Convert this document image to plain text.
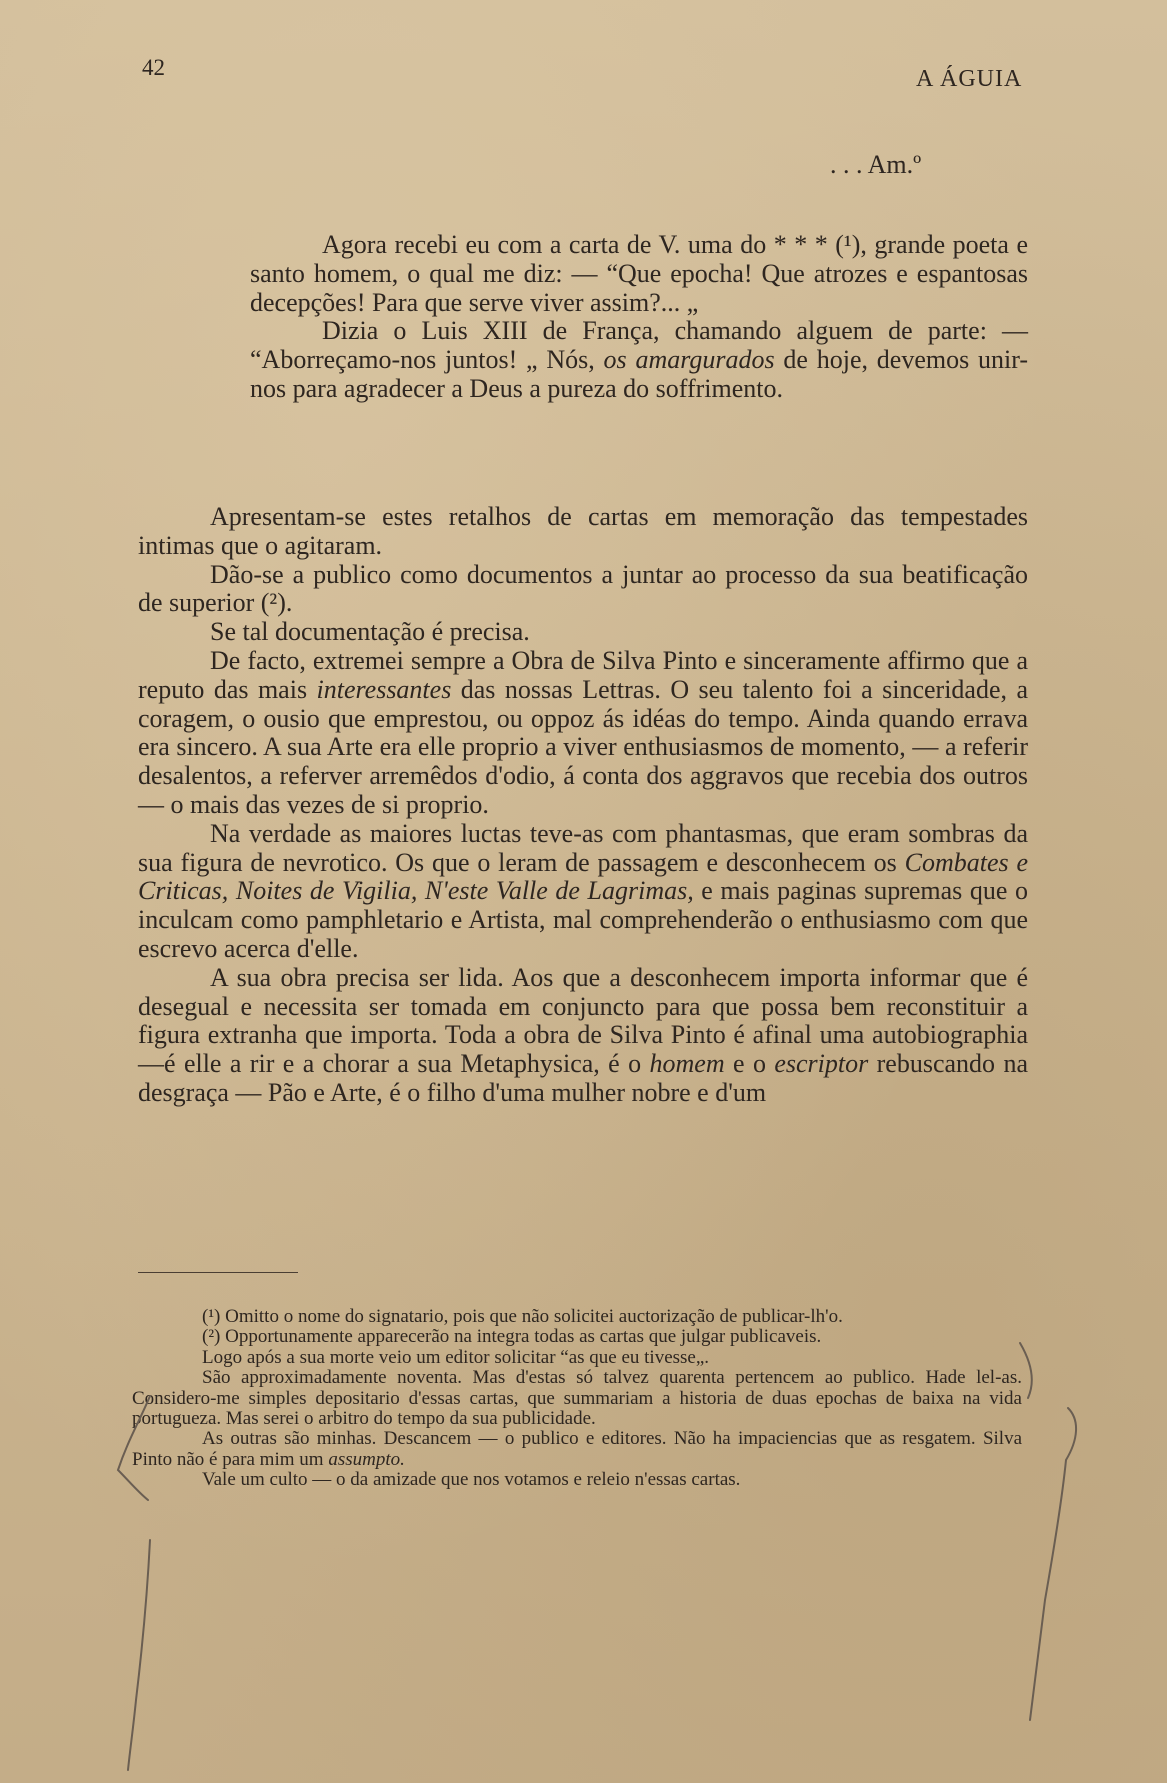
42	A ÁGUIA
. . . Am.º

Agora recebi eu com a carta de V. uma do * * * (¹), grande poeta e santo homem, o qual me diz: — “Que epocha! Que atrozes e espantosas decepções! Para que serve viver assim?... „

Dizia o Luis XIII de França, chamando alguem de parte: — “Aborreçamo-nos juntos! „ Nós, os amargurados de hoje, devemos unir-nos para agradecer a Deus a pureza do soffrimento.

Apresentam-se estes retalhos de cartas em memoração das tempestades intimas que o agitaram.

Dão-se a publico como documentos a juntar ao processo da sua beatificação de superior (²).

Se tal documentação é precisa.

De facto, extremei sempre a Obra de Silva Pinto e sinceramente affirmo que a reputo das mais interessantes das nossas Lettras. O seu talento foi a sinceridade, a coragem, o ousio que emprestou, ou oppoz ás idéas do tempo. Ainda quando errava era sincero. A sua Arte era elle proprio a viver enthusiasmos de momento, — a referir desalentos, a referver arremêdos d'odio, á conta dos aggravos que recebia dos outros — o mais das vezes de si proprio.

Na verdade as maiores luctas teve-as com phantasmas, que eram sombras da sua figura de nevrotico. Os que o leram de passagem e desconhecem os Combates e Criticas, Noites de Vigilia, N'este Valle de Lagrimas, e mais paginas supremas que o inculcam como pamphletario e Artista, mal comprehenderão o enthusiasmo com que escrevo acerca d'elle.

A sua obra precisa ser lida. Aos que a desconhecem importa informar que é desegual e necessita ser tomada em conjuncto para que possa bem reconstituir a figura extranha que importa. Toda a obra de Silva Pinto é afinal uma autobiographia—é elle a rir e a chorar a sua Metaphysica, é o homem e o escriptor rebuscando na desgraça — Pão e Arte, é o filho d'uma mulher nobre e d'um

(¹) Omitto o nome do signatario, pois que não solicitei auctorização de publicar-lh'o.

(²) Opportunamente apparecerão na integra todas as cartas que julgar publicaveis.

Logo após a sua morte veio um editor solicitar “as que eu tivesse„.

São approximadamente noventa. Mas d'estas só talvez quarenta pertencem ao publico. Hade lel-as. Considero-me simples depositario d'essas cartas, que summariam a historia de duas epochas de baixa na vida portugueza. Mas serei o arbitro do tempo da sua publicidade.

As outras são minhas. Descancem — o publico e editores. Não ha impaciencias que as resgatem. Silva Pinto não é para mim um assumpto.

Vale um culto — o da amizade que nos votamos e releio n'essas cartas.
